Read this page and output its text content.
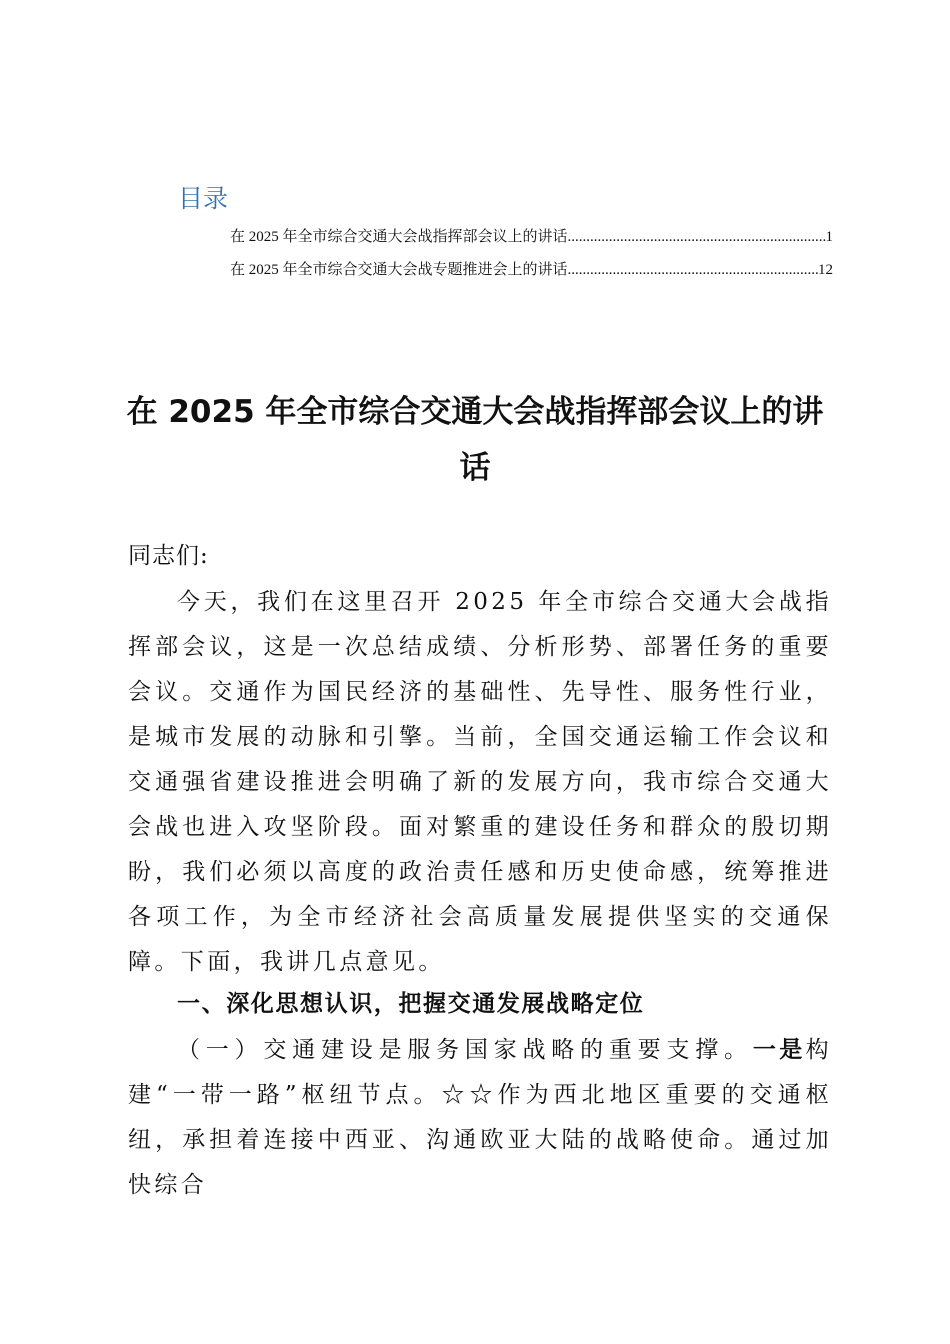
目录
在 2025 年全市综合交通大会战指挥部会议上的讲话 .....	1
在 2025 年全市综合交通大会战专题推进会上的讲话 .....	12
在 2025 年全市综合交通大会战指挥部会议上的讲话

同志们:

今天，我们在这里召开 2025 年全市综合交通大会战指挥部会议，这是一次总结成绩、分析形势、部署任务的重要会议。交通作为国民经济的基础性、先导性、服务性行业，是城市发展的动脉和引擎。当前，全国交通运输工作会议和交通强省建设推进会明确了新的发展方向，我市综合交通大会战也进入攻坚阶段。面对繁重的建设任务和群众的殷切期盼，我们必须以高度的政治责任感和历史使命感，统筹推进各项工作，为全市经济社会高质量发展提供坚实的交通保障。下面，我讲几点意见。

一、深化思想认识，把握交通发展战略定位

（一）交通建设是服务国家战略的重要支撑。一是构建“一带一路”枢纽节点。☆☆作为西北地区重要的交通枢纽，承担着连接中西亚、沟通欧亚大陆的战略使命。通过加快综合
